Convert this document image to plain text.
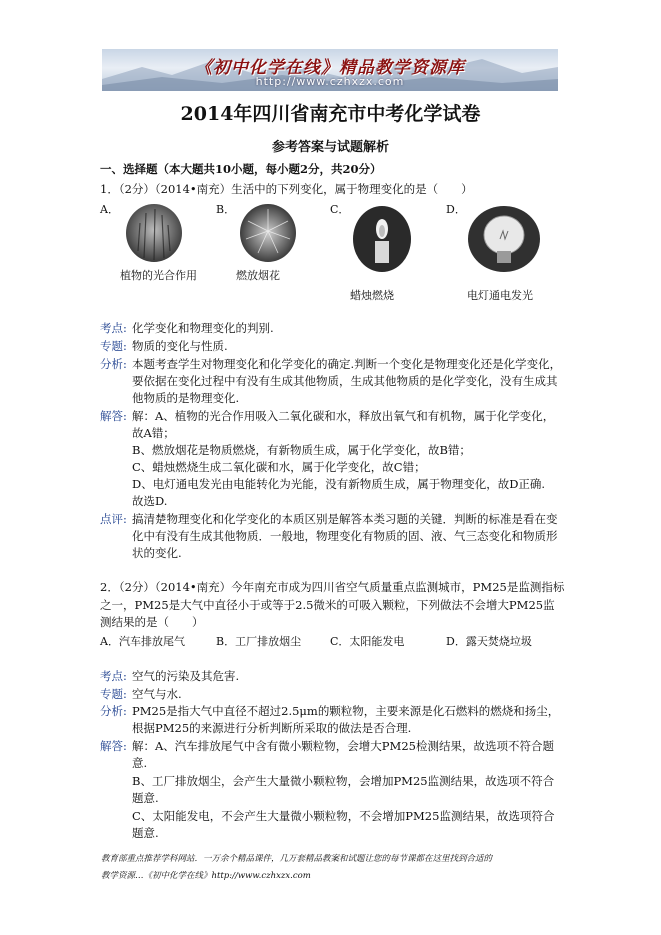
《初中化学在线》精品教学资源库
http://www.czhxzx.com
2014年四川省南充市中考化学试卷
参考答案与试题解析
一、选择题（本大题共10小题，每小题2分，共20分）
1．（2分）（2014•南充）生活中的下列变化，属于物理变化的是（　　）
A．	B．	C．	D．
植物的光合作用	燃放烟花
蜡烛燃烧	电灯通电发光
考点: 化学变化和物理变化的判别.
专题: 物质的变化与性质.
分析: 本题考查学生对物理变化和化学变化的确定.判断一个变化是物理变化还是化学变化，
要依据在变化过程中有没有生成其他物质，生成其他物质的是化学变化，没有生成其
他物质的是物理变化.
解答: 解：A、植物的光合作用吸入二氧化碳和水，释放出氧气和有机物，属于化学变化，
故A错；
B、燃放烟花是物质燃烧，有新物质生成，属于化学变化，故B错；
C、蜡烛燃烧生成二氧化碳和水，属于化学变化，故C错；
D、电灯通电发光由电能转化为光能，没有新物质生成，属于物理变化，故D正确.
故选D.
点评: 搞清楚物理变化和化学变化的本质区别是解答本类习题的关键．判断的标准是看在变
化中有没有生成其他物质．一般地，物理变化有物质的固、液、气三态变化和物质形
状的变化.
2．（2分）（2014•南充）今年南充市成为四川省空气质量重点监测城市，PM25是监测指标
之一，PM25是大气中直径小于或等于2.5微米的可吸入颗粒，下列做法不会增大PM25监
测结果的是（　　）
A．汽车排放尾气	B．工厂排放烟尘	C．太阳能发电	D．露天焚烧垃圾
考点: 空气的污染及其危害.
专题: 空气与水.
分析: PM25是指大气中直径不超过2.5μm的颗粒物，主要来源是化石燃料的燃烧和扬尘，
根据PM25的来源进行分析判断所采取的做法是否合理.
解答: 解：A、汽车排放尾气中含有微小颗粒物，会增大PM25检测结果，故选项不符合题
意.
B、工厂排放烟尘，会产生大量微小颗粒物，会增加PM25监测结果，故选项不符合
题意.
C、太阳能发电，不会产生大量微小颗粒物，不会增加PM25监测结果，故选项符合
题意.
教育部重点推荐学科网站．一万余个精品课件，几万套精品教案和试题让您的每节课都在这里找到合适的
教学资源…《初中化学在线》http://www.czhxzx.com
